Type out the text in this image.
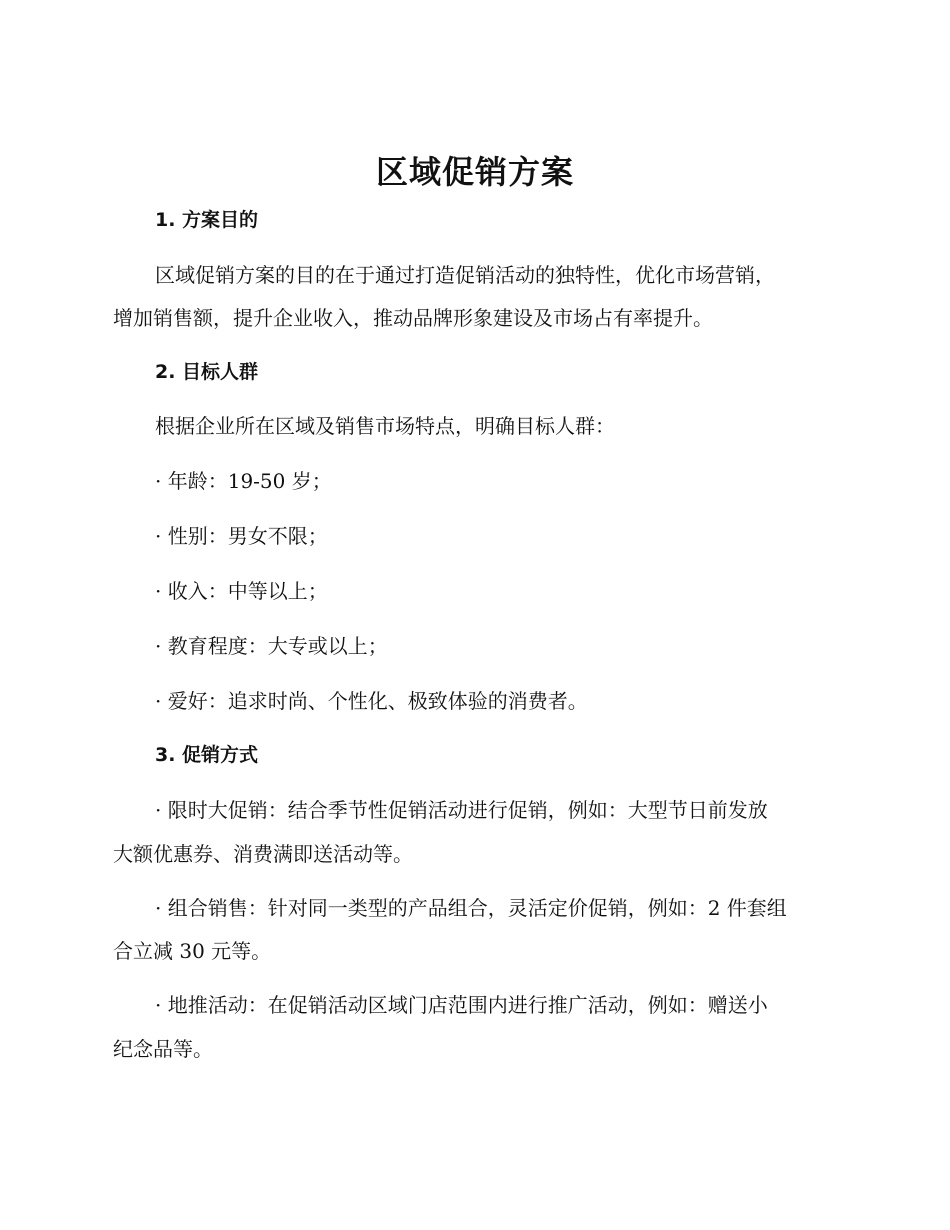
区域促销方案
1. 方案目的
区域促销方案的目的在于通过打造促销活动的独特性，优化市场营销，
增加销售额，提升企业收入，推动品牌形象建设及市场占有率提升。
2. 目标人群
根据企业所在区域及销售市场特点，明确目标人群：
· 年龄：19-50 岁；
· 性别：男女不限；
· 收入：中等以上；
· 教育程度：大专或以上；
· 爱好：追求时尚、个性化、极致体验的消费者。
3. 促销方式
· 限时大促销：结合季节性促销活动进行促销，例如：大型节日前发放
大额优惠券、消费满即送活动等。
· 组合销售：针对同一类型的产品组合，灵活定价促销，例如：2 件套组
合立减 30 元等。
· 地推活动：在促销活动区域门店范围内进行推广活动，例如：赠送小
纪念品等。
